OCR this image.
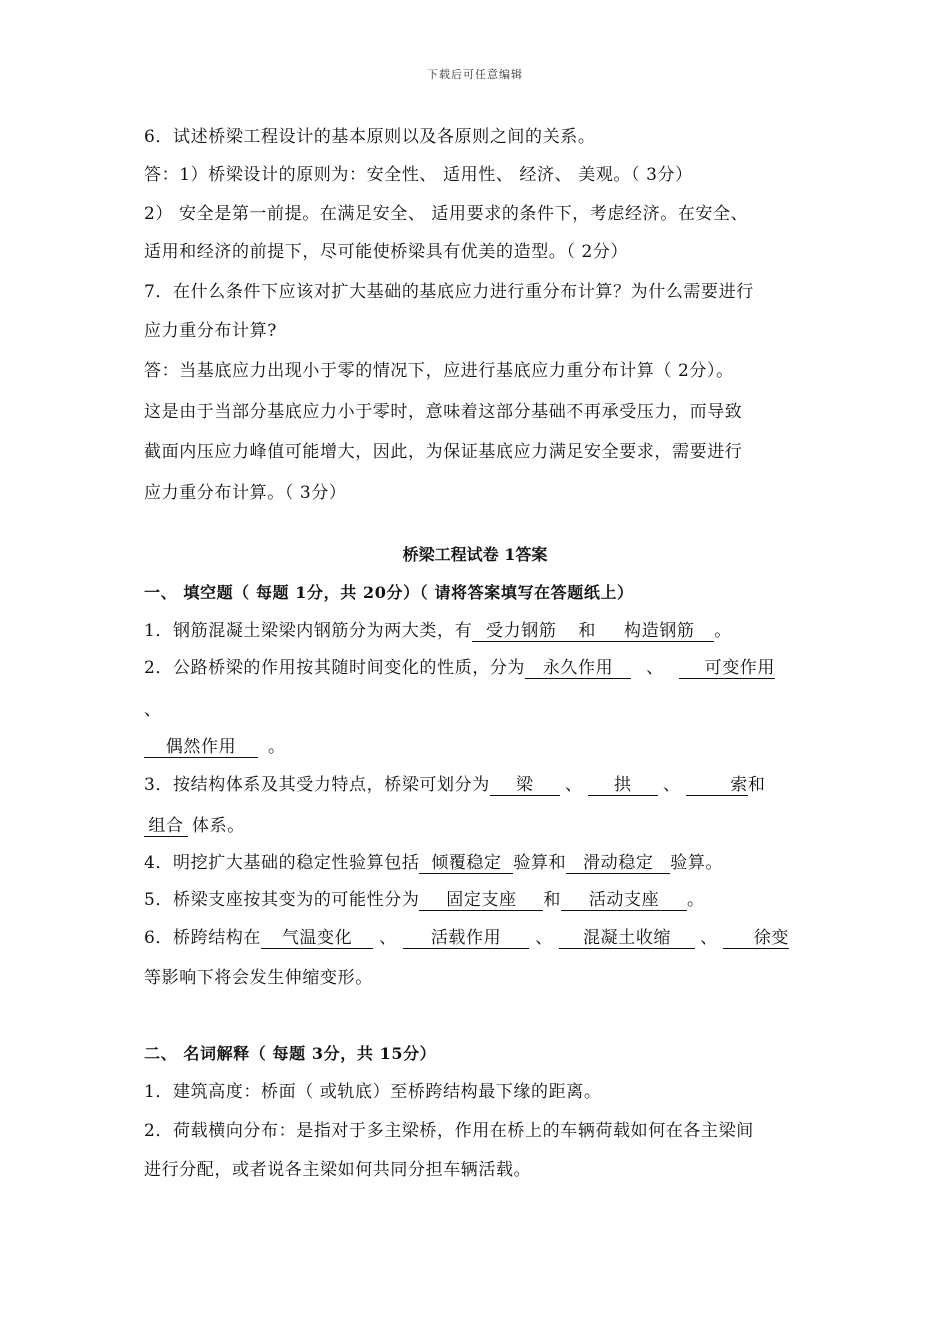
下载后可任意编辑
6．试述桥梁工程设计的基本原则以及各原则之间的关系。
答：1）桥梁设计的原则为：安全性、 适用性、 经济、 美观。（ 3分）
2） 安全是第一前提。在满足安全、 适用要求的条件下，考虑经济。在安全、
适用和经济的前提下，尽可能使桥梁具有优美的造型。（ 2分）
7．在什么条件下应该对扩大基础的基底应力进行重分布计算？为什么需要进行
应力重分布计算?
答：当基底应力出现小于零的情况下，应进行基底应力重分布计算（ 2分）。
这是由于当部分基底应力小于零时，意味着这部分基础不再承受压力，而导致
截面内压应力峰值可能增大，因此，为保证基底应力满足安全要求，需要进行
应力重分布计算。（ 3分）
桥梁工程试卷 1答案
一、 填空题（ 每题 1分，共 20分）（ 请将答案填写在答题纸上）
1．钢筋混凝土梁梁内钢筋分为两大类，有 受力钢筋 和 构造钢筋 。
2．公路桥梁的作用按其随时间变化的性质，分为 永久作用 、 可变作用
、
偶然作用 。
3．按结构体系及其受力特点，桥梁可划分为 梁 、 拱 、	索和
组合 体系。
4．明挖扩大基础的稳定性验算包括 倾覆稳定 验算和 滑动稳定 验算。
5．桥梁支座按其变为的可能性分为 固定支座 和 活动支座 。
6．桥跨结构在 气温变化 、 活载作用 、 混凝土收缩 、 徐变
等影响下将会发生伸缩变形。
二、 名词解释（ 每题 3分，共 15分）
1．建筑高度：桥面（ 或轨底）至桥跨结构最下缘的距离。
2．荷载横向分布：是指对于多主梁桥，作用在桥上的车辆荷载如何在各主梁间
进行分配，或者说各主梁如何共同分担车辆活载。
